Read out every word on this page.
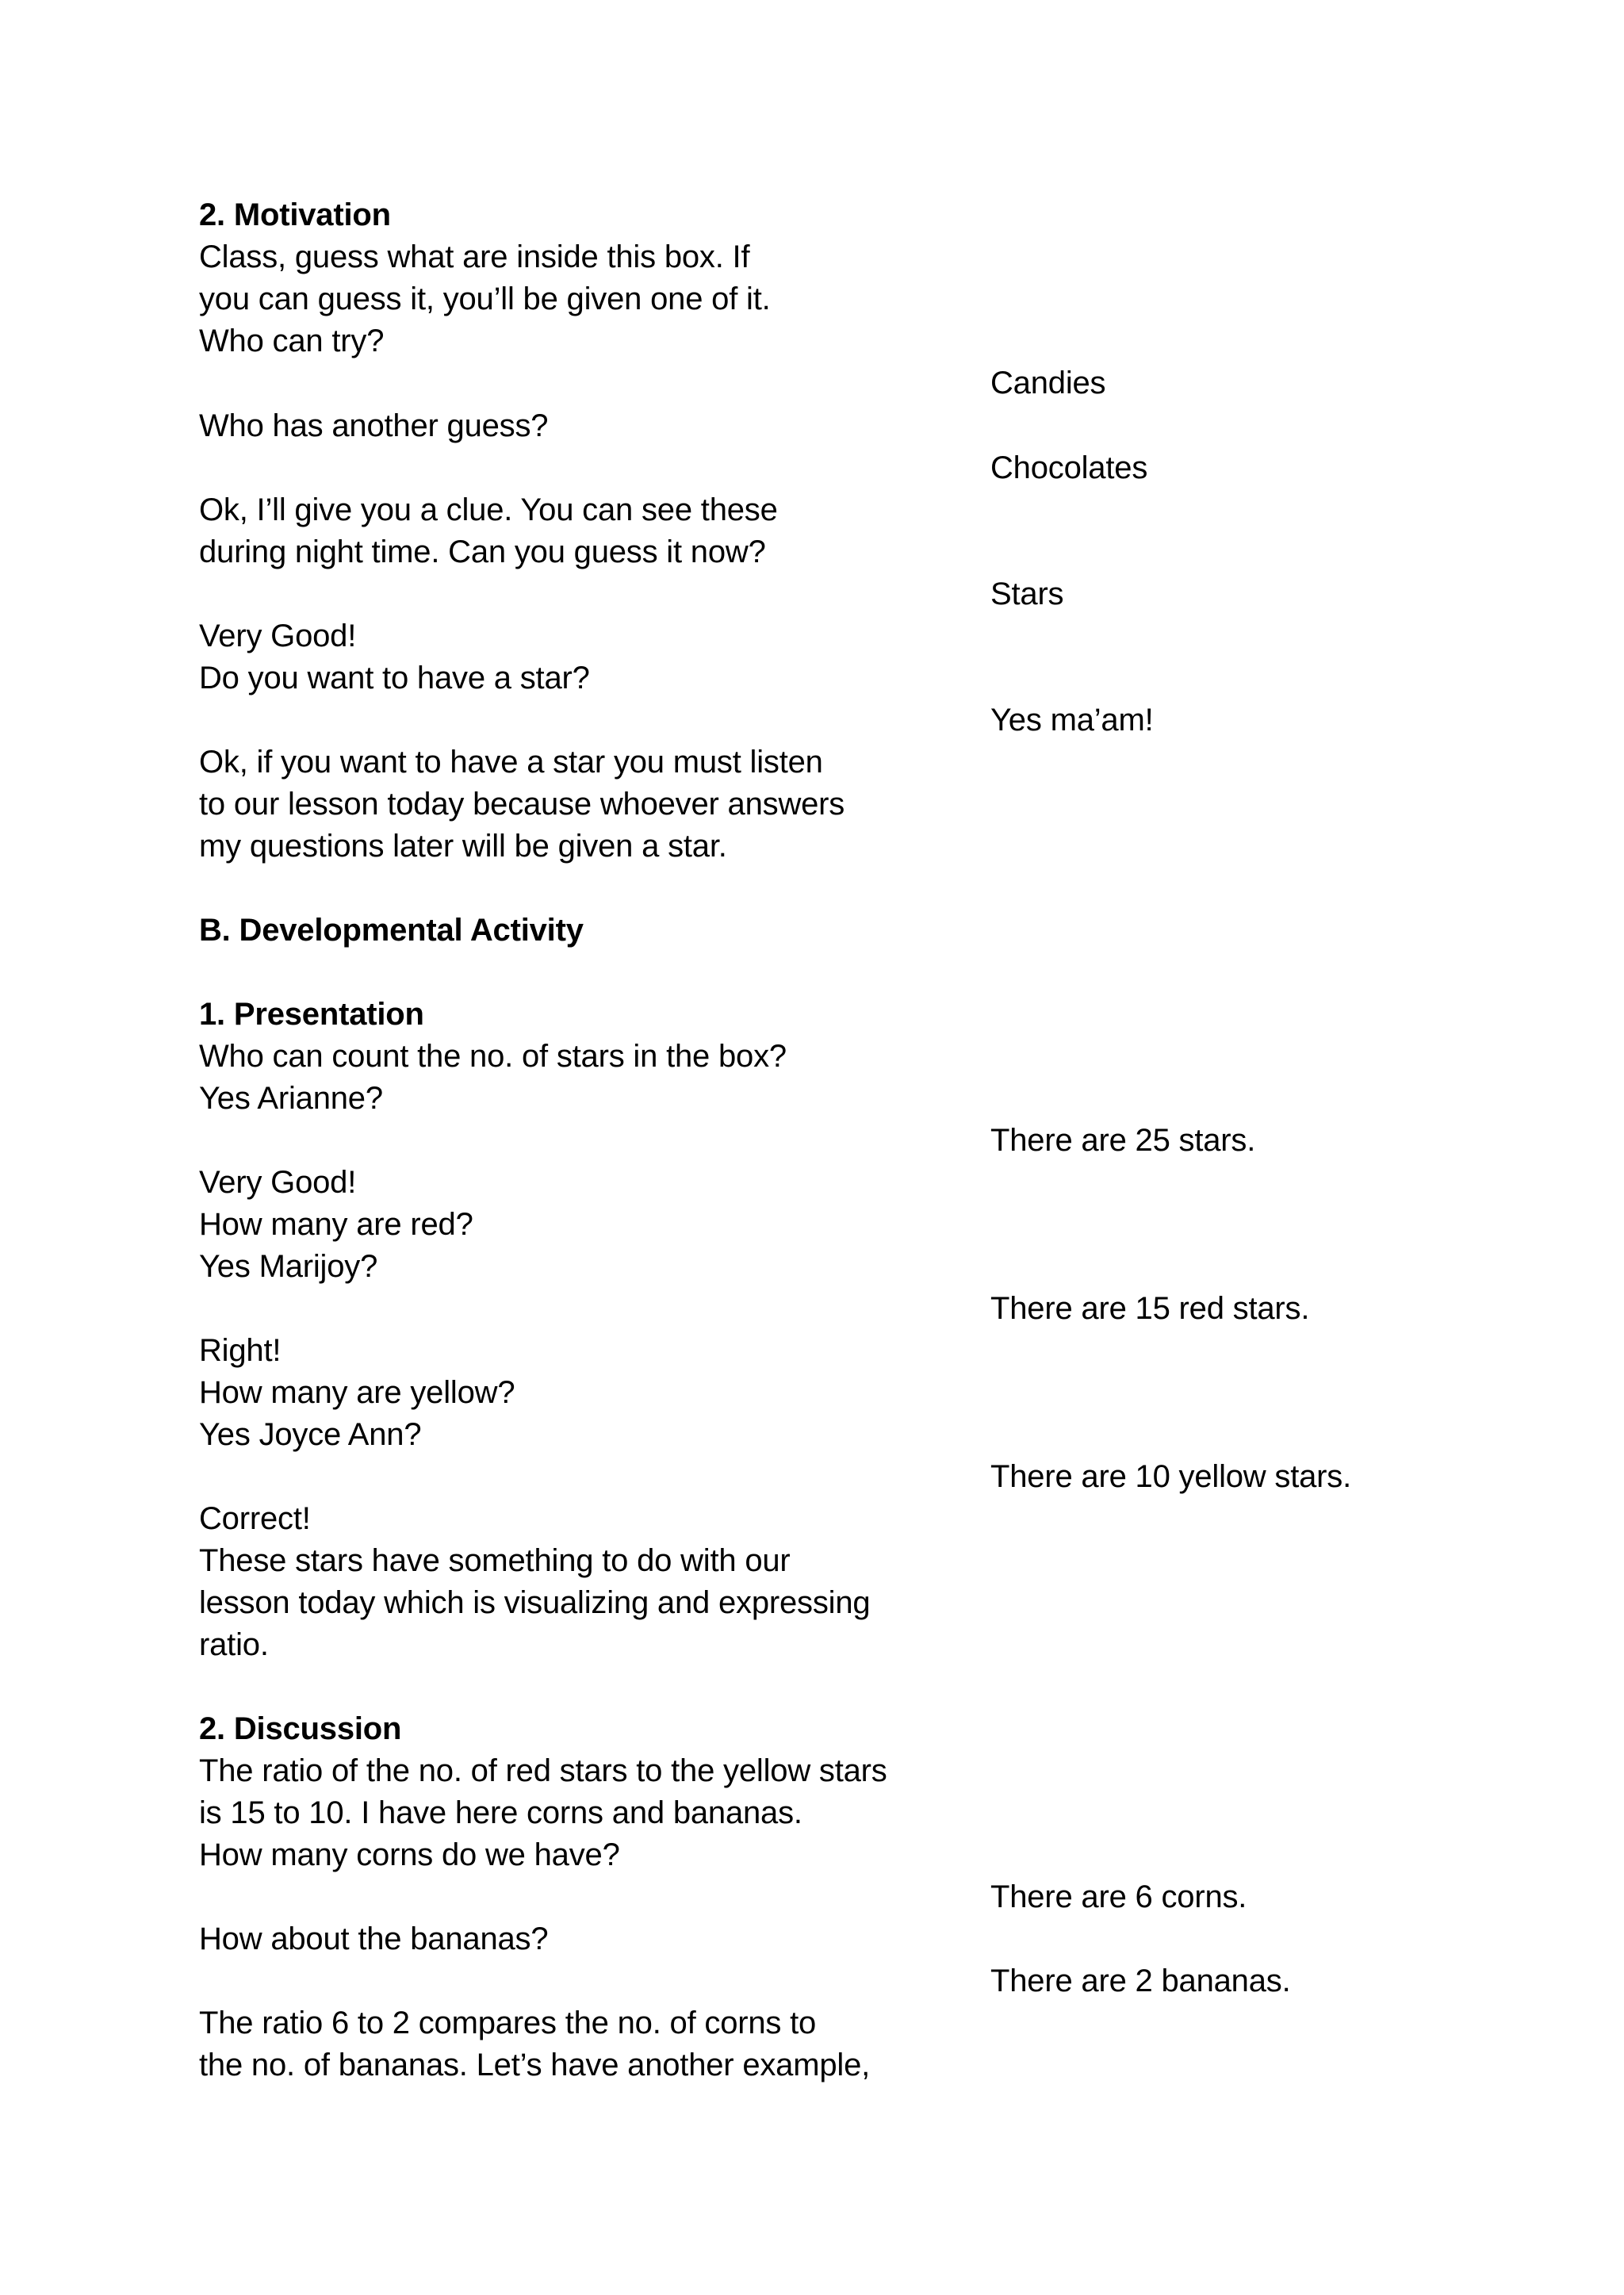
2. Motivation
Class, guess what are inside this box. If
you can guess it, you’ll be given one of it.
Who can try?
Candies
Who has another guess?
Chocolates
Ok, I’ll give you a clue. You can see these
during night time. Can you guess it now?
Stars
Very Good!
Do you want to have a star?
Yes ma’am!
Ok, if you want to have a star you must listen
to our lesson today because whoever answers
my questions later will be given a star.
B. Developmental Activity
1. Presentation
Who can count the no. of stars in the box?
Yes Arianne?
There are 25 stars.
Very Good!
How many are red?
Yes Marijoy?
There are 15 red stars.
Right!
How many are yellow?
Yes Joyce Ann?
There are 10 yellow stars.
Correct!
These stars have something to do with our
lesson today which is visualizing and expressing
ratio.
2. Discussion
The ratio of the no. of red stars to the yellow stars
is 15 to 10. I have here corns and bananas.
How many corns do we have?
There are 6 corns.
How about the bananas?
There are 2 bananas.
The ratio 6 to 2 compares the no. of corns to
the no. of bananas. Let’s have another example,
